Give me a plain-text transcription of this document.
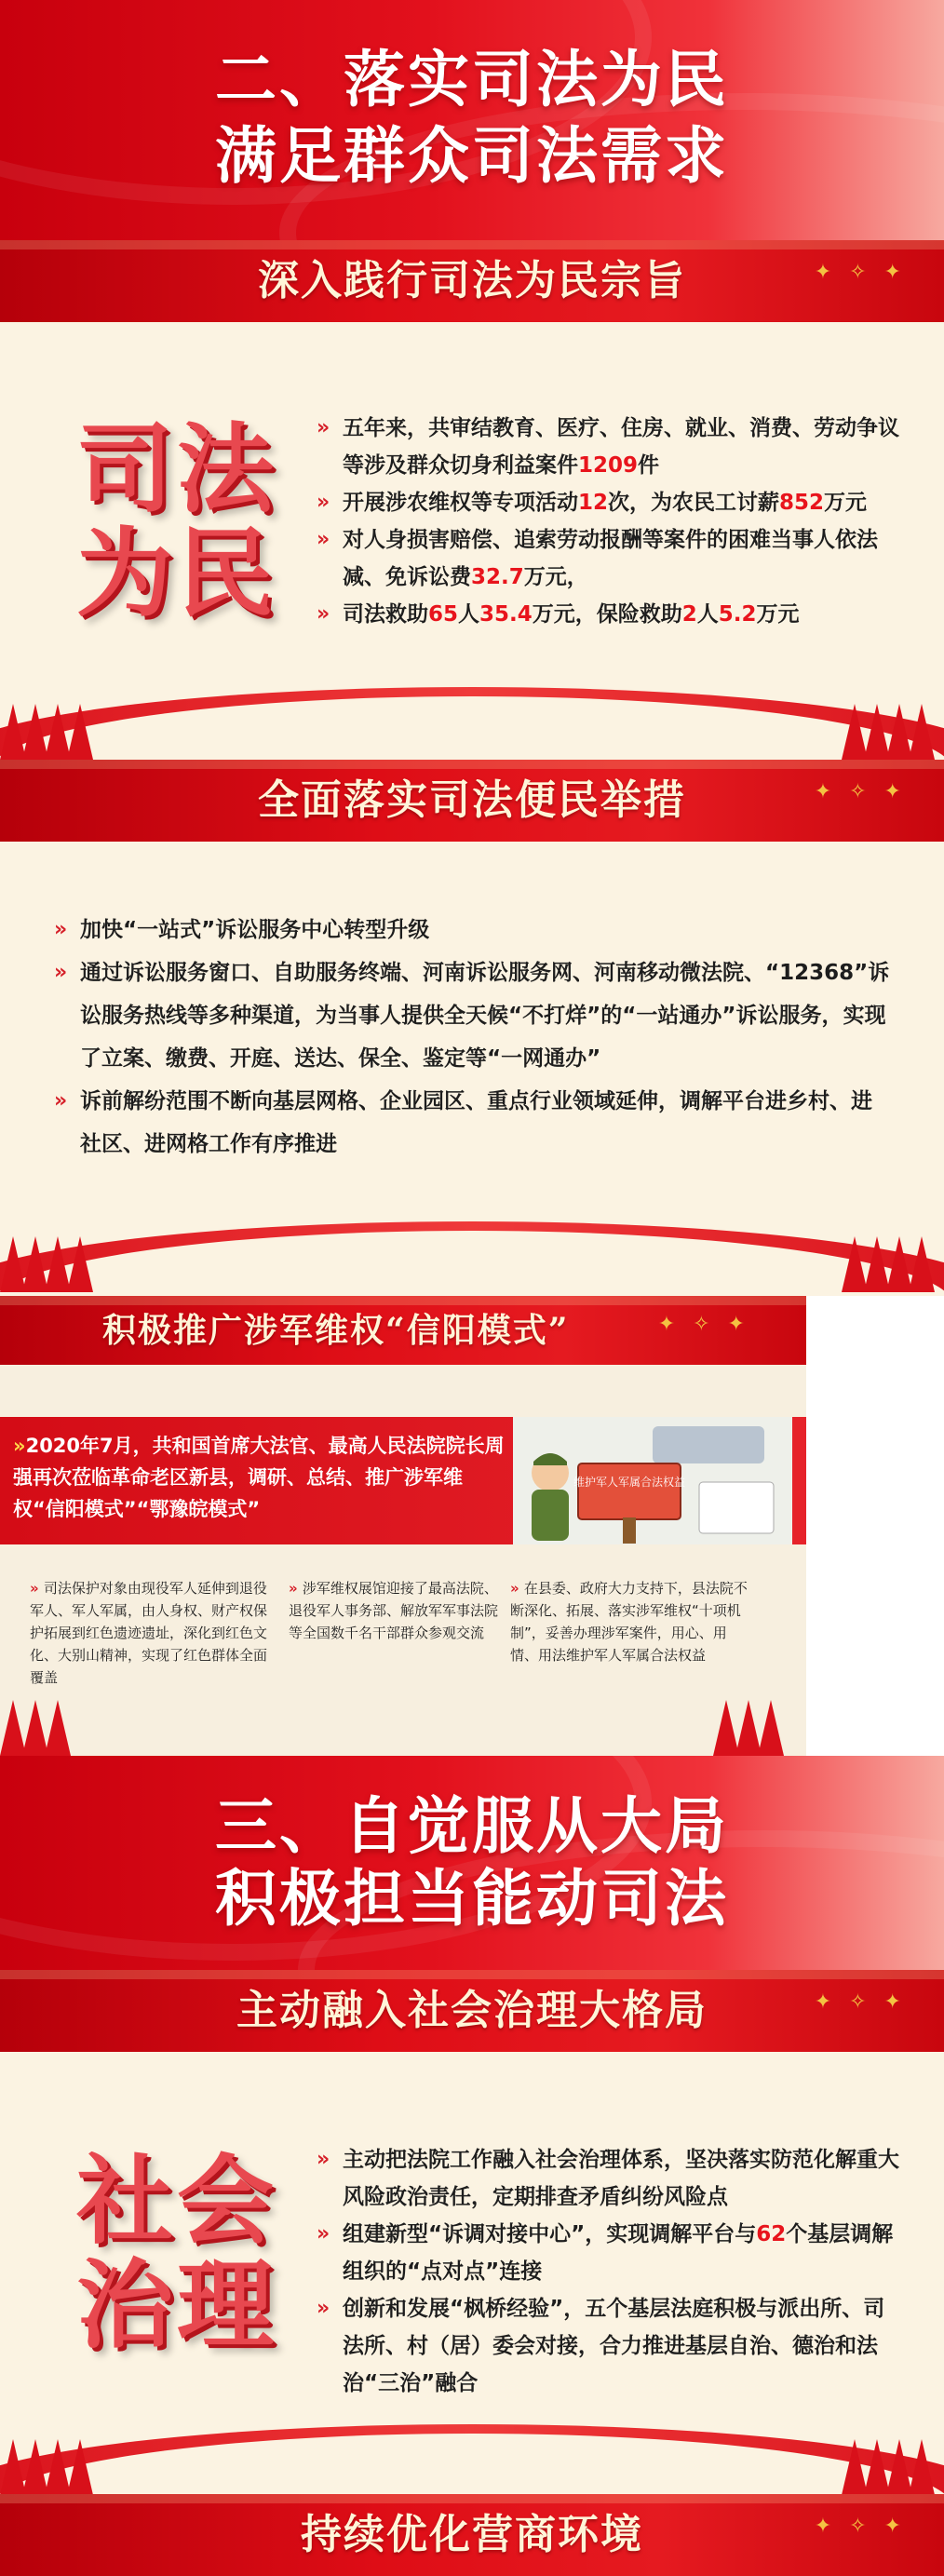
二、落实司法为民
满足群众司法需求
深入践行司法为民宗旨	✦ ✧ ✦
司法
为民
» 五年来，共审结教育、医疗、住房、就业、消费、劳动争议等涉及群众切身利益案件1209件
» 开展涉农维权等专项活动12次，为农民工讨薪852万元
» 对人身损害赔偿、追索劳动报酬等案件的困难当事人依法减、免诉讼费32.7万元，
» 司法救助65人35.4万元，保险救助2人5.2万元
全面落实司法便民举措	✦ ✧ ✦
» 加快“一站式”诉讼服务中心转型升级
» 通过诉讼服务窗口、自助服务终端、河南诉讼服务网、河南移动微法院、“12368”诉讼服务热线等多种渠道，为当事人提供全天候“不打烊”的“一站通办”诉讼服务，实现了立案、缴费、开庭、送达、保全、鉴定等“一网通办”
» 诉前解纷范围不断向基层网格、企业园区、重点行业领域延伸，调解平台进乡村、进社区、进网格工作有序推进
积极推广涉军维权“信阳模式”	✦ ✧ ✦
»2020年7月，共和国首席大法官、最高人民法院院长周强再次莅临革命老区新县，调研、总结、推广涉军维权“信阳模式”“鄂豫皖模式”
维护军人军属合法权益
» 司法保护对象由现役军人延伸到退役军人、军人军属，由人身权、财产权保护拓展到红色遗迹遗址，深化到红色文化、大别山精神，实现了红色群体全面覆盖
» 涉军维权展馆迎接了最高法院、退役军人事务部、解放军军事法院等全国数千名干部群众参观交流
» 在县委、政府大力支持下，县法院不断深化、拓展、落实涉军维权“十项机制”，妥善办理涉军案件，用心、用情、用法维护军人军属合法权益
三、自觉服从大局
积极担当能动司法
主动融入社会治理大格局	✦ ✧ ✦
社会
治理
» 主动把法院工作融入社会治理体系，坚决落实防范化解重大风险政治责任，定期排查矛盾纠纷风险点
» 组建新型“诉调对接中心”，实现调解平台与62个基层调解组织的“点对点”连接
» 创新和发展“枫桥经验”，五个基层法庭积极与派出所、司法所、村（居）委会对接，合力推进基层自治、德治和法治“三治”融合
持续优化营商环境	✦ ✧ ✦
